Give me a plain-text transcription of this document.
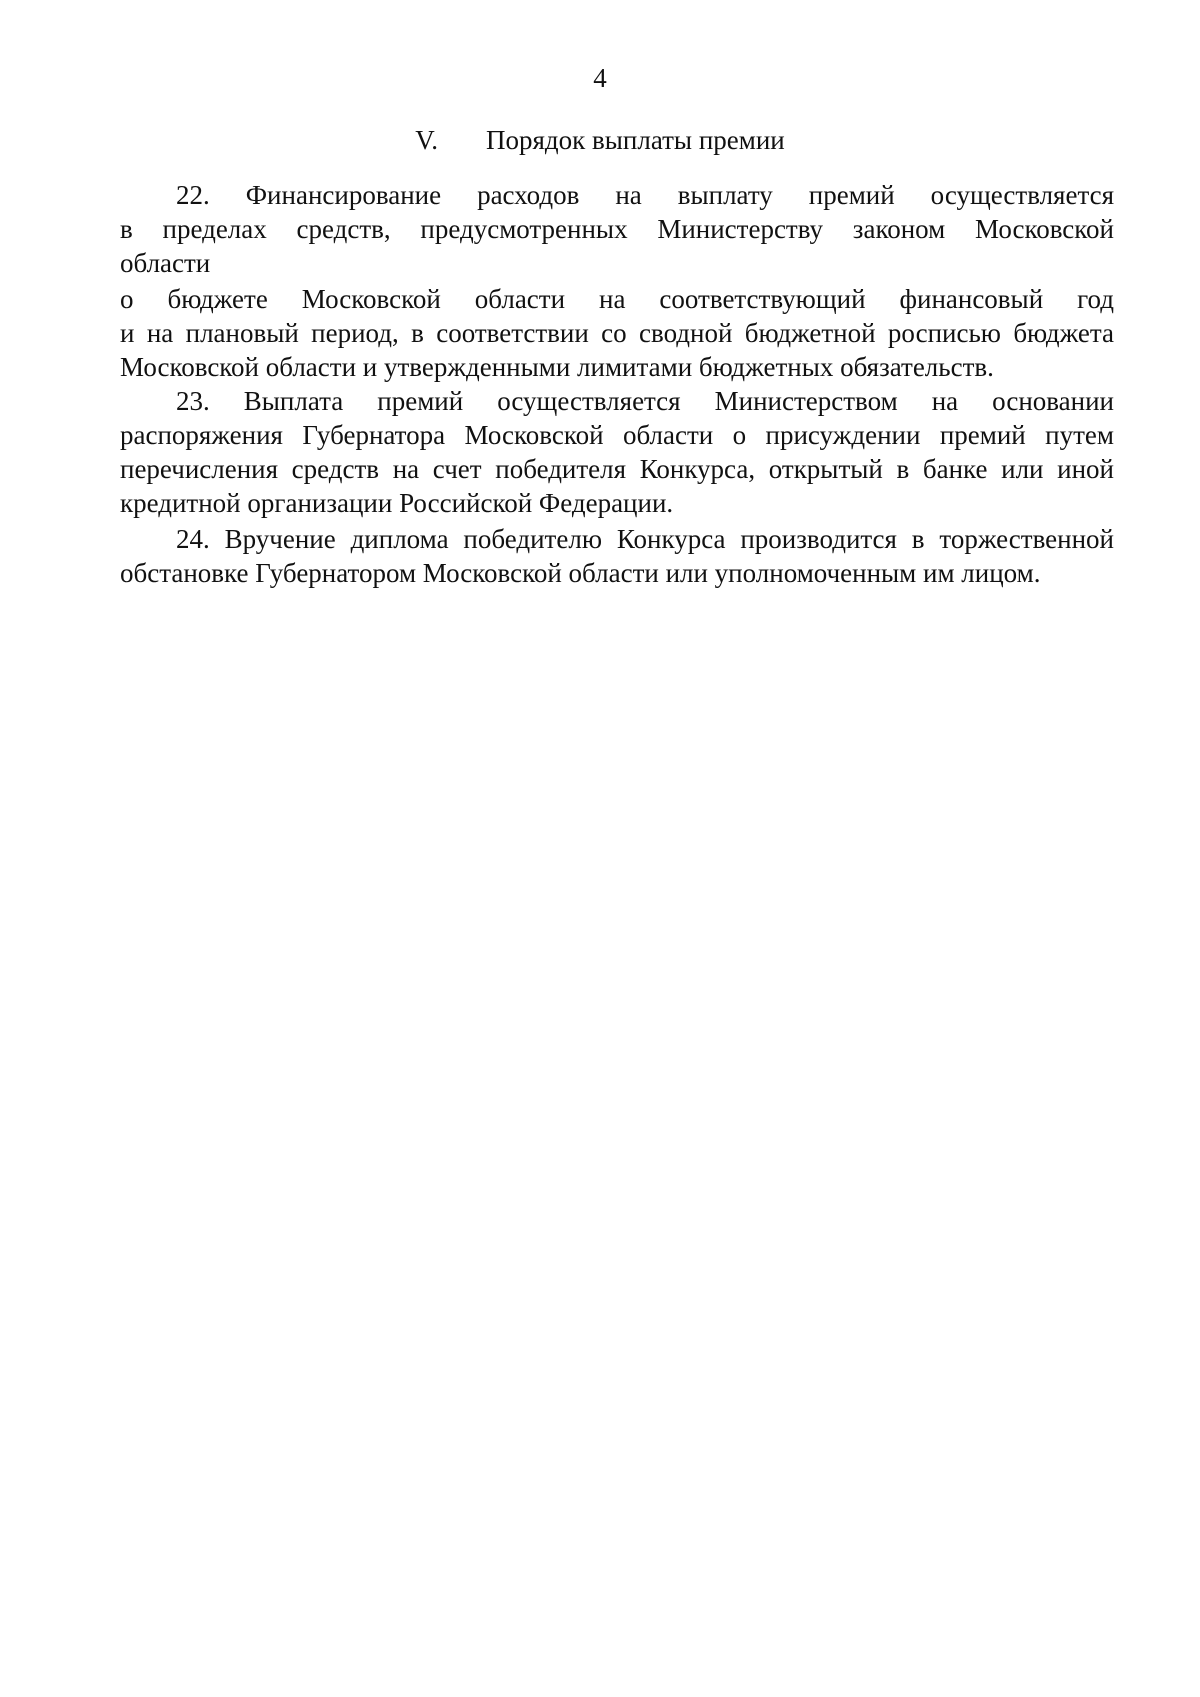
4
V. Порядок выплаты премии
22. Финансирование расходов на выплату премий осуществляется
в пределах средств, предусмотренных Министерству законом Московской
области
о бюджете Московской области на соответствующий финансовый год
и на плановый период, в соответствии со сводной бюджетной росписью бюджета
Московской области и утвержденными лимитами бюджетных обязательств.
23. Выплата премий осуществляется Министерством на основании
распоряжения Губернатора Московской области о присуждении премий путем
перечисления средств на счет победителя Конкурса, открытый в банке или иной
кредитной организации Российской Федерации.
24. Вручение диплома победителю Конкурса производится в торжественной
обстановке Губернатором Московской области или уполномоченным им лицом.
